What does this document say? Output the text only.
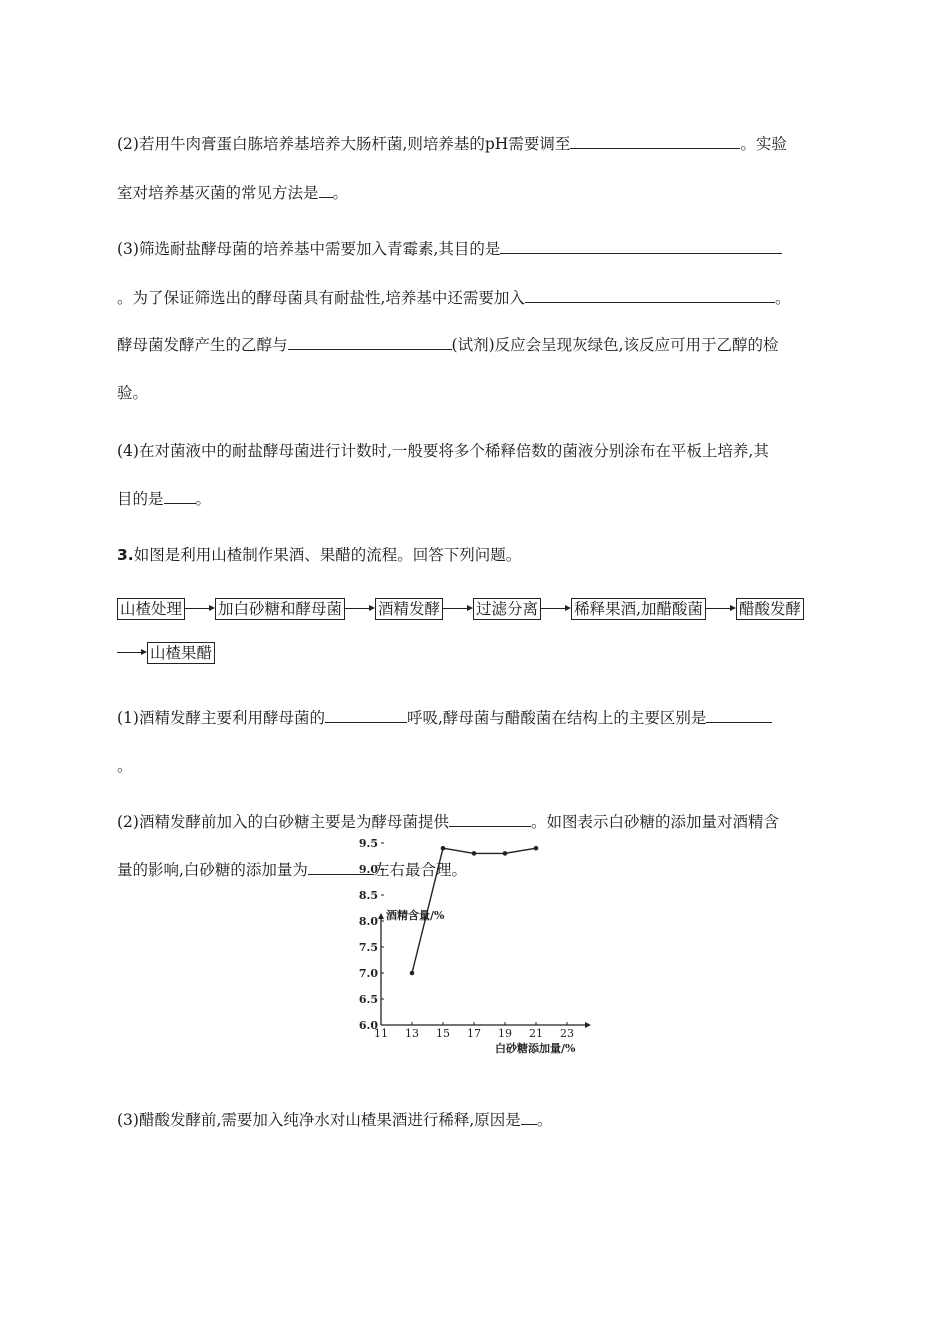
(2)若用牛肉膏蛋白胨培养基培养大肠杆菌,则培养基的pH需要调至	。实验
室对培养基灭菌的常见方法是 。
(3)筛选耐盐酵母菌的培养基中需要加入青霉素,其目的是
。为了保证筛选出的酵母菌具有耐盐性,培养基中还需要加入	。
酵母菌发酵产生的乙醇与	(试剂)反应会呈现灰绿色,该反应可用于乙醇的检
验。
(4)在对菌液中的耐盐酵母菌进行计数时,一般要将多个稀释倍数的菌液分别涂布在平板上培养,其
目的是 。
3.如图是利用山楂制作果酒、果醋的流程。回答下列问题。
山楂处理 加白砂糖和酵母菌 酒精发酵 过滤分离 稀释果酒,加醋酸菌 醋酸发酵
山楂果醋
(1)酒精发酵主要利用酵母菌的	呼吸,酵母菌与醋酸菌在结构上的主要区别是
。
(2)酒精发酵前加入的白砂糖主要是为酵母菌提供	。如图表示白砂糖的添加量对酒精含
量的影响,白砂糖的添加量为	左右最合理。
6.0
6.5
7.0
7.5
8.0
8.5
9.0
9.5
11 13 15 17 19 21 23
酒精含量/%
白砂糖添加量/%
(3)醋酸发酵前,需要加入纯净水对山楂果酒进行稀释,原因是 。
